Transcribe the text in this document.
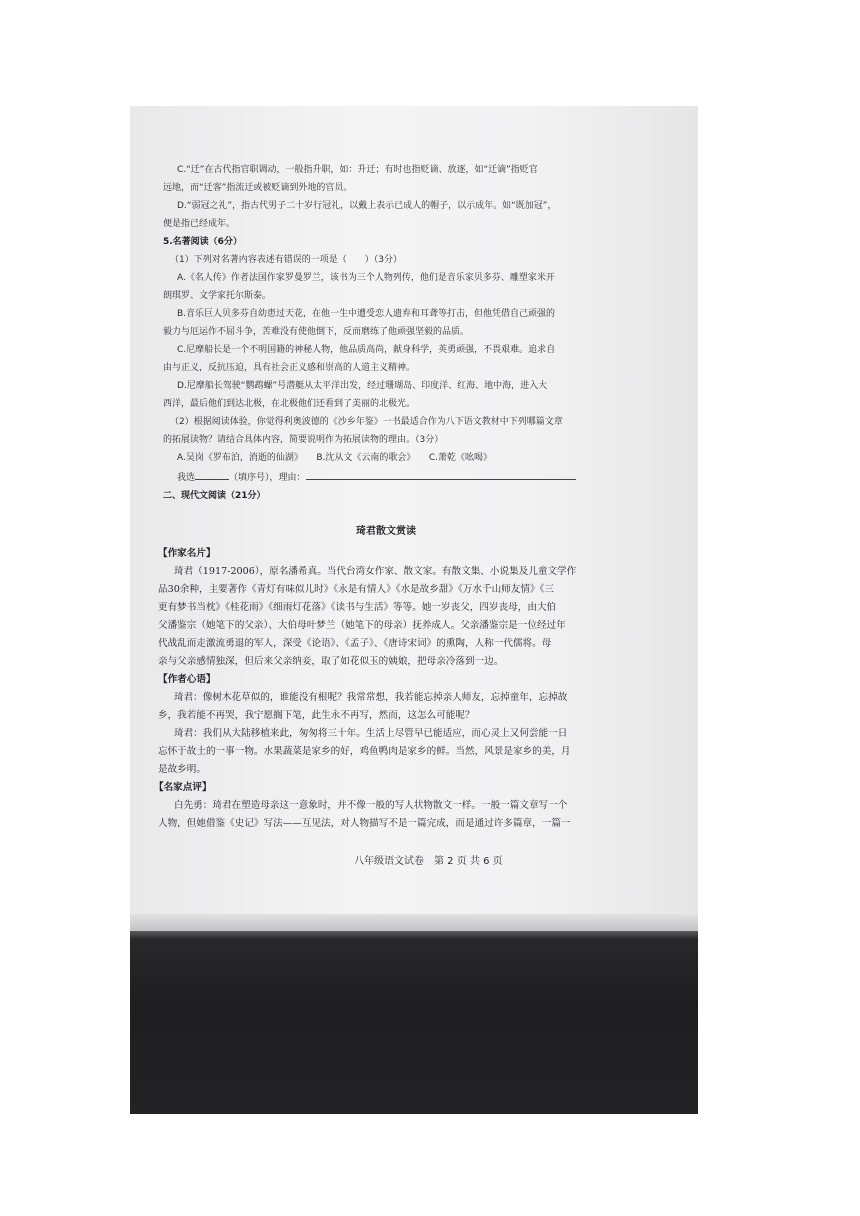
C.“迁”在古代指官职调动，一般指升职，如：升迁；有时也指贬谪、放逐，如“迁谪”指贬官
远地，而“迁客”指流迁或被贬谪到外地的官员。
D.“弱冠之礼”，指古代男子二十岁行冠礼，以戴上表示已成人的帽子，以示成年。如“既加冠”，
便是指已经成年。
5.名著阅读（6分）
（1）下列对名著内容表述有错误的一项是（　　）（3分）
A.《名人传》作者法国作家罗曼罗兰，该书为三个人物列传，他们是音乐家贝多芬、雕塑家米开
朗琪罗、文学家托尔斯泰。
B.音乐巨人贝多芬自幼患过天花，在他一生中遭受恋人遗弃和耳聋等打击，但他凭借自己顽强的
毅力与厄运作不屈斗争，苦难没有使他倒下，反而磨练了他顽强坚毅的品质。
C.尼摩船长是一个不明国籍的神秘人物，他品质高尚，献身科学，英勇顽强，不畏艰难。追求自
由与正义，反抗压迫，具有社会正义感和崇高的人道主义精神。
D.尼摩船长驾驶“鹦鹉螺”号潜艇从太平洋出发，经过珊瑚岛、印度洋、红海、地中海，进入大
西洋，最后他们到达北极，在北极他们还看到了美丽的北极光。
（2）根据阅读体验，你觉得利奥波德的《沙乡年鉴》一书最适合作为八下语文教材中下列哪篇文章
的拓展读物？请结合具体内容，简要说明作为拓展读物的理由。（3分）
A.吴岗《罗布泊，消逝的仙湖》　　B.沈从文《云南的歌会》　　C.萧乾《吆喝》
我选	（填序号），理由：
二、现代文阅读（21分）
琦君散文赏读
【作家名片】
琦君（1917-2006），原名潘希真。当代台湾女作家、散文家。有散文集、小说集及儿童文学作
品30余种，主要著作《青灯有味似儿时》《永是有情人》《水是故乡甜》《万水千山师友情》《三
更有梦书当枕》《桂花雨》《细雨灯花落》《读书与生活》等等。她一岁丧父，四岁丧母，由大伯
父潘鉴宗（她笔下的父亲）、大伯母叶梦兰（她笔下的母亲）抚养成人。父亲潘鉴宗是一位经过年
代战乱而走激流勇退的军人，深受《论语》、《孟子》、《唐诗宋词》的熏陶，人称一代儒将。母
亲与父亲感情独深，但后来父亲纳妾，取了如花似玉的姨娘，把母亲冷落到一边。
【作者心语】
琦君：像树木花草似的，谁能没有根呢？我常常想，我若能忘掉亲人师友，忘掉童年，忘掉故
乡，我若能不再哭，我宁愿搁下笔，此生永不再写，然而，这怎么可能呢？
琦君：我们从大陆移植来此，匆匆将三十年。生活上尽管早已能适应，而心灵上又何尝能一日
忘怀于故土的一事一物。水果蔬菜是家乡的好，鸡鱼鸭肉是家乡的鲜。当然，风景是家乡的美，月
是故乡明。
【名家点评】
白先勇：琦君在塑造母亲这一意象时，并不像一般的写人状物散文一样。一般一篇文章写一个
人物，但她借鉴《史记》写法——互见法，对人物描写不是一篇完成，而是通过许多篇章，一篇一
八年级语文试卷　第 2 页 共 6 页
